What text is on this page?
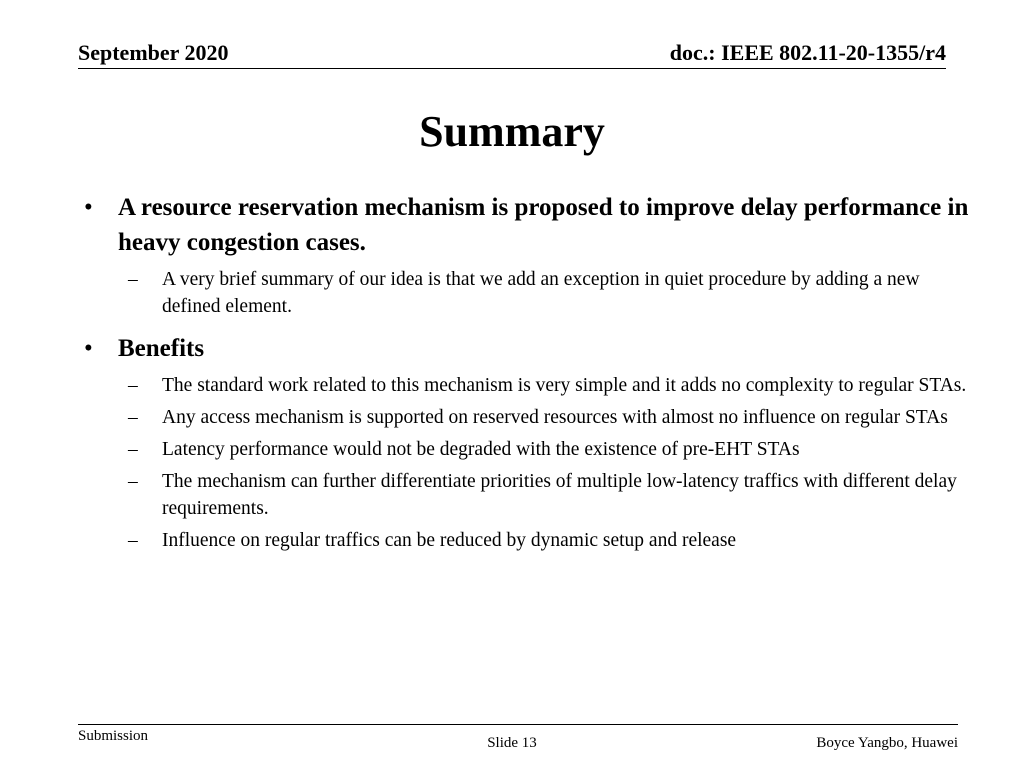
September 2020	doc.: IEEE 802.11-20-1355/r4
Summary
• A resource reservation mechanism is proposed to improve delay performance in heavy congestion cases.
– A very brief summary of our idea is that we add an exception in quiet procedure by adding a new defined element.
• Benefits
– The standard work related to this mechanism is very simple and it adds no complexity to regular STAs.
– Any access mechanism is supported on reserved resources with almost no influence on regular STAs
– Latency performance would not be degraded with the existence of pre-EHT STAs
– The mechanism can further differentiate priorities of multiple low-latency traffics with different delay requirements.
– Influence on regular traffics can be reduced by dynamic setup and release
Submission	Slide 13	Boyce Yangbo, Huawei
